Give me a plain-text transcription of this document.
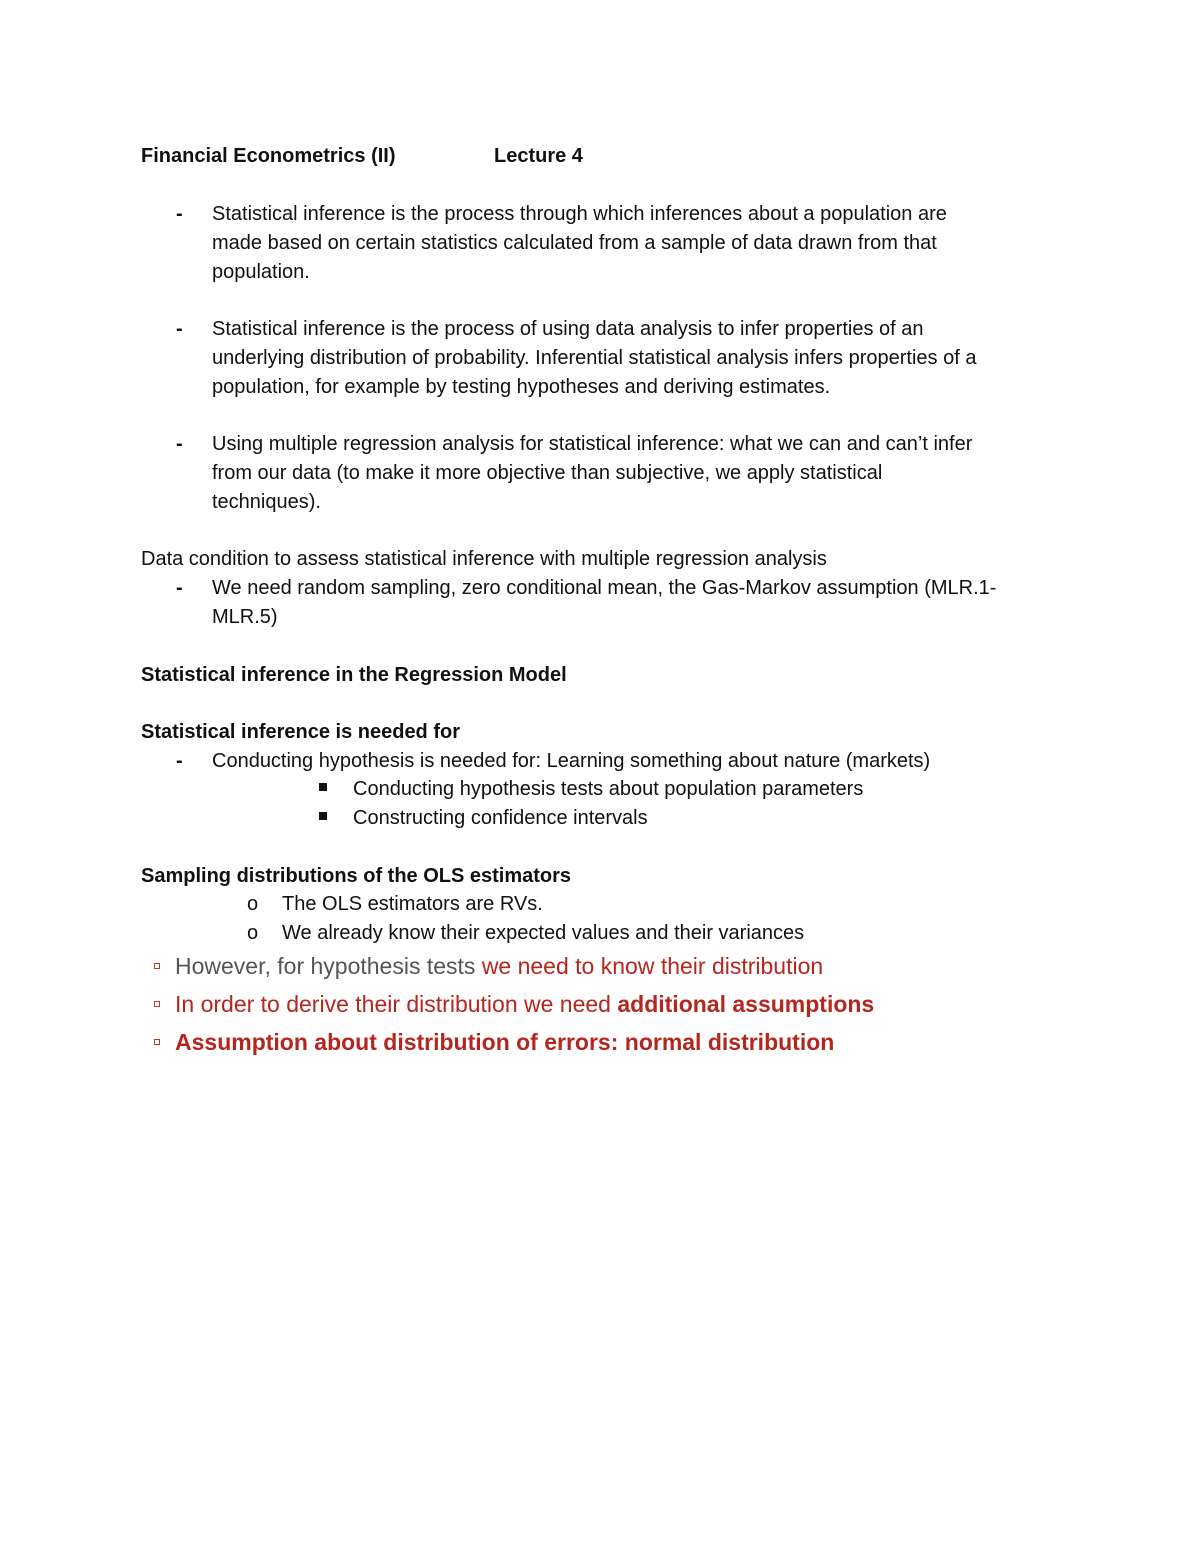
Financial Econometrics (II)	Lecture 4
- Statistical inference is the process through which inferences about a population are
made based on certain statistics calculated from a sample of data drawn from that
population.
- Statistical inference is the process of using data analysis to infer properties of an
underlying distribution of probability. Inferential statistical analysis infers properties of a
population, for example by testing hypotheses and deriving estimates.
- Using multiple regression analysis for statistical inference: what we can and can’t infer
from our data (to make it more objective than subjective, we apply statistical
techniques).
Data condition to assess statistical inference with multiple regression analysis
- We need random sampling, zero conditional mean, the Gas-Markov assumption (MLR.1-
MLR.5)
Statistical inference in the Regression Model
Statistical inference is needed for
- Conducting hypothesis is needed for: Learning something about nature (markets)
Conducting hypothesis tests about population parameters
Constructing confidence intervals
Sampling distributions of the OLS estimators
o The OLS estimators are RVs.
o We already know their expected values and their variances
However, for hypothesis tests we need to know their distribution
In order to derive their distribution we need additional assumptions
Assumption about distribution of errors: normal distribution
